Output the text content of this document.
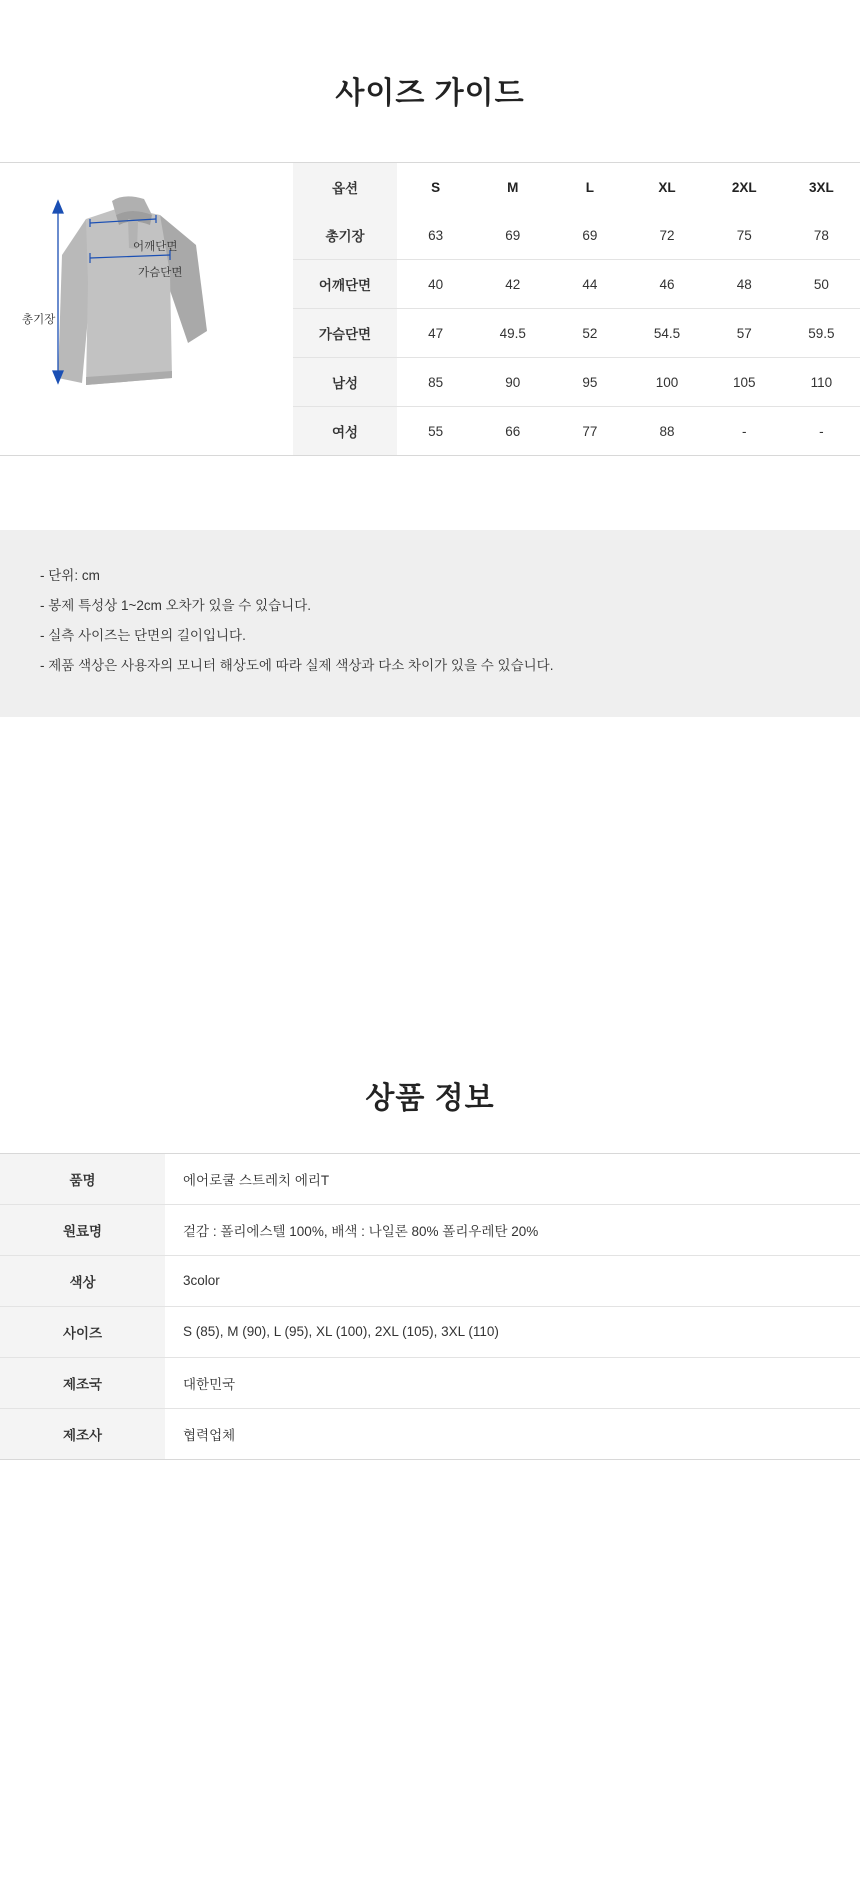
사이즈 가이드
어깨단면
가슴단면
총기장
옵션	S	M	L	XL	2XL	3XL
총기장	63	69	69	72	75	78
어깨단면	40	42	44	46	48	50
가슴단면	47	49.5	52	54.5	57	59.5
남성	85	90	95	100	105	110
여성	55	66	77	88	-	-

- 단위: cm

- 봉제 특성상 1~2cm 오차가 있을 수 있습니다.

- 실측 사이즈는 단면의 길이입니다.

- 제품 색상은 사용자의 모니터 해상도에 따라 실제 색상과 다소 차이가 있을 수 있습니다.

상품 정보
품명	에어로쿨 스트레치 에리T
원료명	겉감 : 폴리에스텔 100%, 배색 : 나일론 80% 폴리우레탄 20%
색상	3color
사이즈	S (85), M (90), L (95), XL (100), 2XL (105), 3XL (110)
제조국	대한민국
제조사	협력업체
